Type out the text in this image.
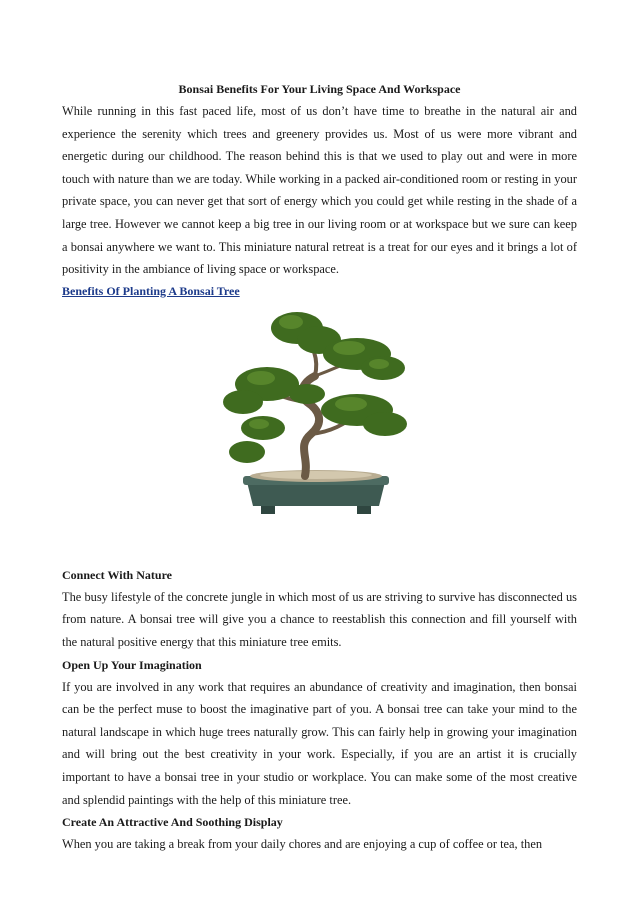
Bonsai Benefits For Your Living Space And Workspace

While running in this fast paced life, most of us don’t have time to breathe in the natural air and experience the serenity which trees and greenery provides us. Most of us were more vibrant and energetic during our childhood. The reason behind this is that we used to play out and were in more touch with nature than we are today. While working in a packed air-conditioned room or resting in your private space, you can never get that sort of energy which you could get while resting in the shade of a large tree. However we cannot keep a big tree in our living room or at workspace but we sure can keep a bonsai anywhere we want to. This miniature natural retreat is a treat for our eyes and it brings a lot of positivity in the ambiance of living space or workspace.

Benefits Of Planting A Bonsai Tree
Connect With Nature

The busy lifestyle of the concrete jungle in which most of us are striving to survive has disconnected us from nature. A bonsai tree will give you a chance to reestablish this connection and fill yourself with the natural positive energy that this miniature tree emits.

Open Up Your Imagination

If you are involved in any work that requires an abundance of creativity and imagination, then bonsai can be the perfect muse to boost the imaginative part of you. A bonsai tree can take your mind to the natural landscape in which huge trees naturally grow. This can fairly help in growing your imagination and will bring out the best creativity in your work. Especially, if you are an artist it is crucially important to have a bonsai tree in your studio or workplace. You can make some of the most creative and splendid paintings with the help of this miniature tree.

Create An Attractive And Soothing Display

When you are taking a break from your daily chores and are enjoying a cup of coffee or tea, then
